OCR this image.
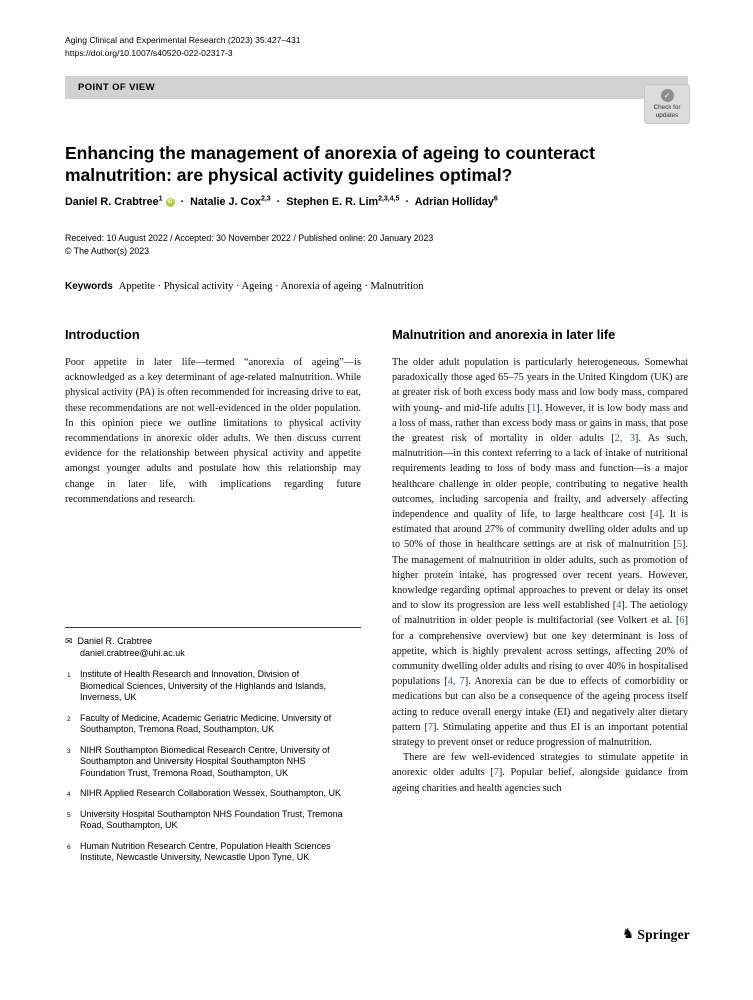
Aging Clinical and Experimental Research (2023) 35:427–431
https://doi.org/10.1007/s40520-022-02317-3
POINT OF VIEW
✓
Check for updates
Enhancing the management of anorexia of ageing to counteract malnutrition: are physical activity guidelines optimal?
Daniel R. Crabtree$^1$ iD · Natalie J. Cox$^{2,3}$ · Stephen E. R. Lim$^{2,3,4,5}$ · Adrian Holliday$^6$
Received: 10 August 2022 / Accepted: 30 November 2022 / Published online: 20 January 2023
© The Author(s) 2023
Keywords Appetite · Physical activity · Ageing · Anorexia of ageing · Malnutrition
Introduction

Poor appetite in later life—termed “anorexia of ageing”—is acknowledged as a key determinant of age-related malnutrition. While physical activity (PA) is often recommended for increasing drive to eat, these recommendations are not well-evidenced in the older population. In this opinion piece we outline limitations to physical activity recommendations in anorexic older adults. We then discuss current evidence for the relationship between physical activity and appetite amongst younger adults and postulate how this relationship may change in later life, with implications regarding future recommendations and research.

Malnutrition and anorexia in later life

The older adult population is particularly heterogeneous. Somewhat paradoxically those aged 65–75 years in the United Kingdom (UK) are at greater risk of both excess body mass and low body mass, compared with young- and mid-life adults [ 1 ] . However, it is low body mass and a loss of mass, rather than excess body mass or gains in mass, that pose the greatest risk of mortality in older adults [ 2, 3 ] . As such, malnutrition—in this context referring to a lack of intake of nutritional requirements leading to loss of body mass and function—is a major healthcare challenge in older people, contributing to negative health outcomes, including sarcopenia and frailty, and adversely affecting independence and quality of life, to large healthcare cost [ 4 ] . It is estimated that around 27% of community dwelling older adults and up to 50% of those in healthcare settings are at risk of malnutrition [ 5 ] . The management of malnutrition in older adults, such as promotion of higher protein intake, has progressed over recent years. However, knowledge regarding optimal approaches to prevent or delay its onset and to slow its progression are less well established [ 4 ] . The aetiology of malnutrition in older people is multifactorial (see Volkert et al. [ 6 ] for a comprehensive overview) but one key determinant is loss of appetite, which is highly prevalent across settings, affecting 20% of community dwelling older adults and rising to over 40% in hospitalised populations [ 4, 7 ] . Anorexia can be due to effects of comorbidity or medications but can also be a consequence of the ageing process itself acting to reduce overall energy intake (EI) and negatively alter dietary pattern [ 7 ] . Stimulating appetite and thus EI is an important potential strategy to prevent onset or reduce progression of malnutrition.

There are few well-evidenced strategies to stimulate appetite in anorexic older adults [ 7 ] . Popular belief, alongside guidance from ageing charities and health agencies such

✉ Daniel R. Crabtree
daniel.crabtree@uhi.ac.uk
1 Institute of Health Research and Innovation, Division of Biomedical Sciences, University of the Highlands and Islands, Inverness, UK
2 Faculty of Medicine, Academic Geriatric Medicine, University of Southampton, Tremona Road, Southampton, UK
3 NIHR Southampton Biomedical Research Centre, University of Southampton and University Hospital Southampton NHS Foundation Trust, Tremona Road, Southampton, UK
4 NIHR Applied Research Collaboration Wessex, Southampton, UK
5 University Hospital Southampton NHS Foundation Trust, Tremona Road, Southampton, UK
6 Human Nutrition Research Centre, Population Health Sciences Institute, Newcastle University, Newcastle Upon Tyne, UK
♞ Springer
